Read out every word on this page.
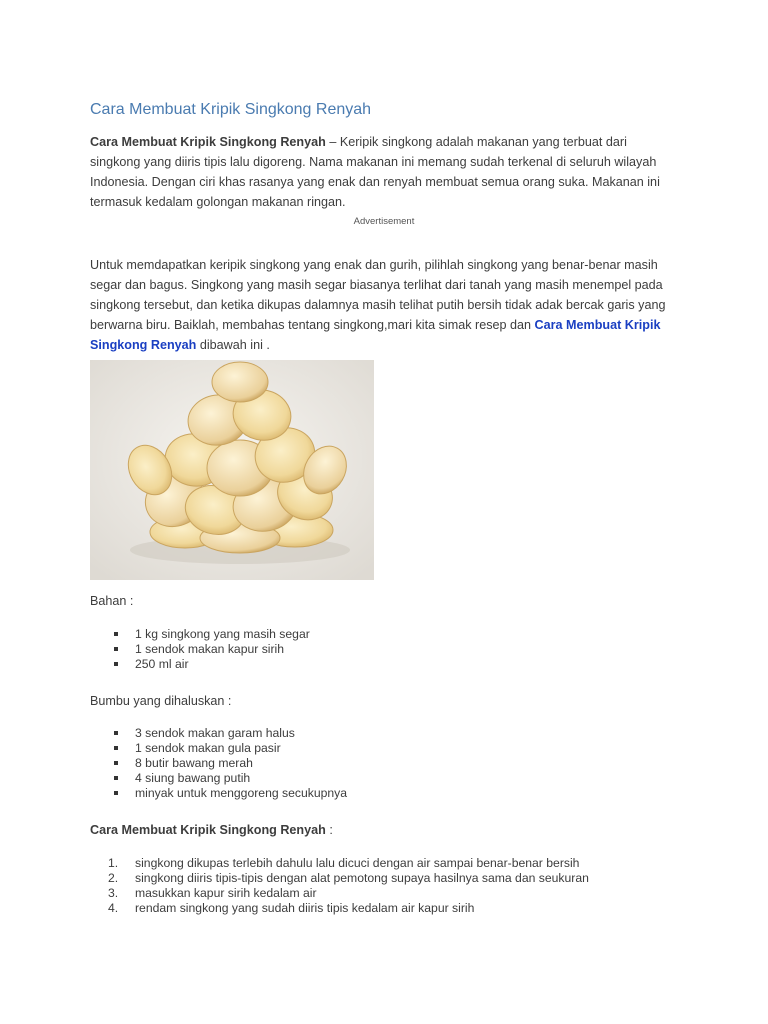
Cara Membuat Kripik Singkong Renyah

Cara Membuat Kripik Singkong Renyah – Keripik singkong adalah makanan yang terbuat dari singkong yang diiris tipis lalu digoreng. Nama makanan ini memang sudah terkenal di seluruh wilayah Indonesia. Dengan ciri khas rasanya yang enak dan renyah membuat semua orang suka. Makanan ini termasuk kedalam golongan makanan ringan.

Advertisement

Untuk memdapatkan keripik singkong yang enak dan gurih, pilihlah singkong yang benar-benar masih segar dan bagus. Singkong yang masih segar biasanya terlihat dari tanah yang masih menempel pada singkong tersebut, dan ketika dikupas dalamnya masih telihat putih bersih tidak adak bercak garis yang berwarna biru. Baiklah, membahas tentang singkong,mari kita simak resep dan Cara Membuat Kripik Singkong Renyah dibawah ini .

Bahan :

1 kg singkong yang masih segar
1 sendok makan kapur sirih
250 ml air

Bumbu yang dihaluskan :

3 sendok makan garam halus
1 sendok makan gula pasir
8 butir bawang merah
4 siung bawang putih
minyak untuk menggoreng secukupnya

Cara Membuat Kripik Singkong Renyah :

1.	singkong dikupas terlebih dahulu lalu dicuci dengan air sampai benar-benar bersih
2.	singkong diiris tipis-tipis dengan alat pemotong supaya hasilnya sama dan seukuran
3.	masukkan kapur sirih kedalam air
4.	rendam singkong yang sudah diiris tipis kedalam air kapur sirih
